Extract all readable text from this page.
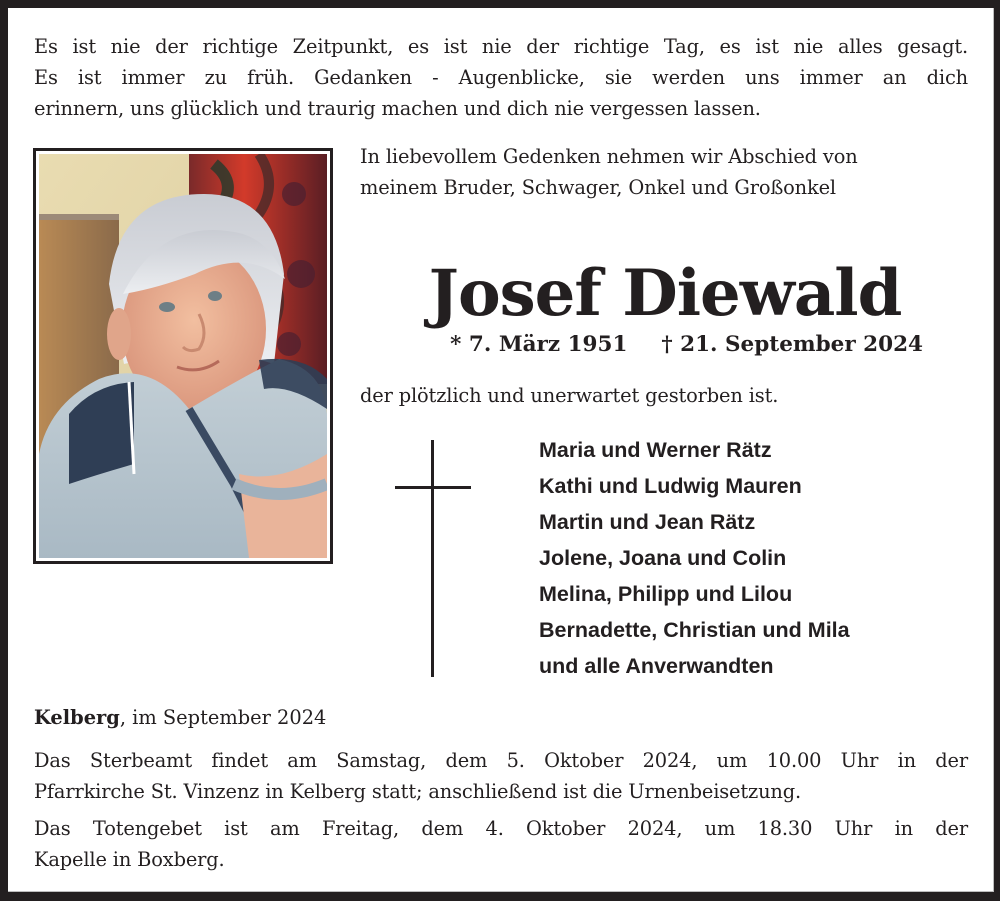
Es ist nie der richtige Zeitpunkt, es ist nie der richtige Tag, es ist nie alles gesagt.
Es ist immer zu früh. Gedanken - Augenblicke, sie werden uns immer an dich
erinnern, uns glücklich und traurig machen und dich nie vergessen lassen.
In liebevollem Gedenken nehmen wir Abschied von
meinem Bruder, Schwager, Onkel und Großonkel
Josef Diewald
* 7. März 1951 † 21. September 2024
der plötzlich und unerwartet gestorben ist.
Maria und Werner Rätz
Kathi und Ludwig Mauren
Martin und Jean Rätz
Jolene, Joana und Colin
Melina, Philipp und Lilou
Bernadette, Christian und Mila
und alle Anverwandten
Kelberg, im September 2024
Das Sterbeamt findet am Samstag, dem 5. Oktober 2024, um 10.00 Uhr in der
Pfarrkirche St. Vinzenz in Kelberg statt; anschließend ist die Urnenbeisetzung.
Das Totengebet ist am Freitag, dem 4. Oktober 2024, um 18.30 Uhr in der
Kapelle in Boxberg.
